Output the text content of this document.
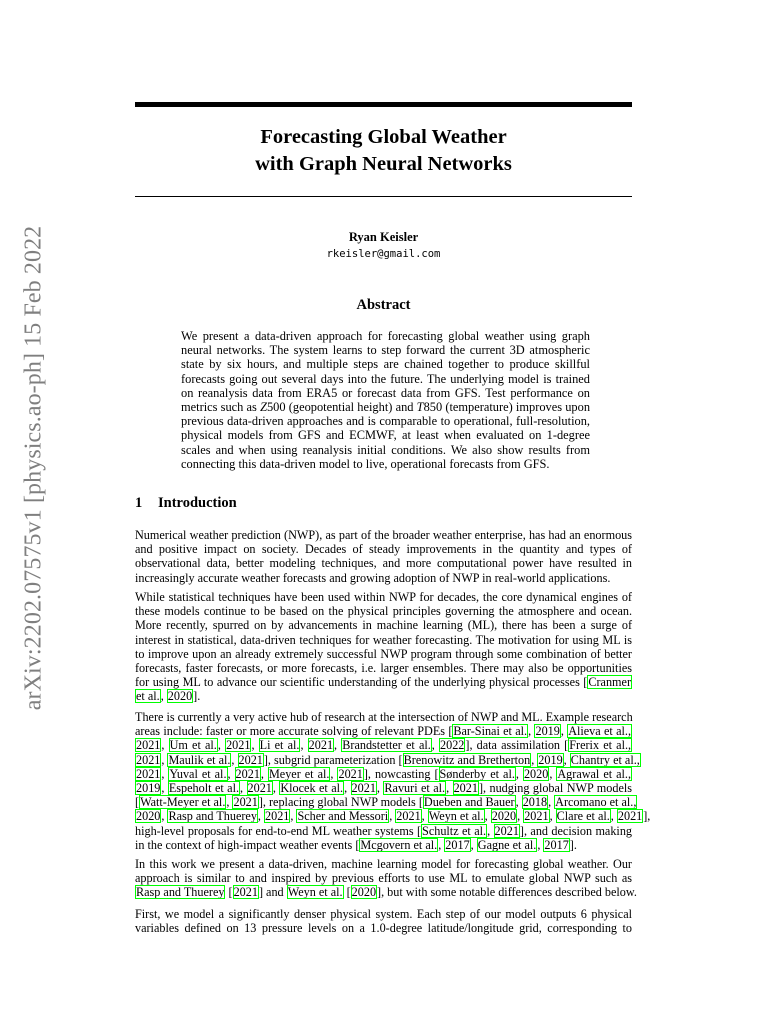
arXiv:2202.07575v1 [physics.ao-ph] 15 Feb 2022
Forecasting Global Weather
with Graph Neural Networks
Ryan Keisler
rkeisler@gmail.com
Abstract
We present a data-driven approach for forecasting global weather using graph
neural networks. The system learns to step forward the current 3D atmospheric
state by six hours, and multiple steps are chained together to produce skillful
forecasts going out several days into the future. The underlying model is trained
on reanalysis data from ERA5 or forecast data from GFS. Test performance on
metrics such as Z500 (geopotential height) and T850 (temperature) improves upon
previous data-driven approaches and is comparable to operational, full-resolution,
physical models from GFS and ECMWF, at least when evaluated on 1-degree
scales and when using reanalysis initial conditions. We also show results from
connecting this data-driven model to live, operational forecasts from GFS.
1 Introduction
Numerical weather prediction (NWP), as part of the broader weather enterprise, has had an enormous
and positive impact on society. Decades of steady improvements in the quantity and types of
observational data, better modeling techniques, and more computational power have resulted in
increasingly accurate weather forecasts and growing adoption of NWP in real-world applications.
While statistical techniques have been used within NWP for decades, the core dynamical engines of
these models continue to be based on the physical principles governing the atmosphere and ocean.
More recently, spurred on by advancements in machine learning (ML), there has been a surge of
interest in statistical, data-driven techniques for weather forecasting. The motivation for using ML is
to improve upon an already extremely successful NWP program through some combination of better
forecasts, faster forecasts, or more forecasts, i.e. larger ensembles. There may also be opportunities
for using ML to advance our scientific understanding of the underlying physical processes [Cranmer
et al., 2020].
There is currently a very active hub of research at the intersection of NWP and ML. Example research
areas include: faster or more accurate solving of relevant PDEs [Bar-Sinai et al., 2019, Alieva et al.,
2021, Um et al., 2021, Li et al., 2021, Brandstetter et al., 2022], data assimilation [Frerix et al.,
2021, Maulik et al., 2021], subgrid parameterization [Brenowitz and Bretherton, 2019, Chantry et al.,
2021, Yuval et al., 2021, Meyer et al., 2021], nowcasting [Sønderby et al., 2020, Agrawal et al.,
2019, Espeholt et al., 2021, Klocek et al., 2021, Ravuri et al., 2021], nudging global NWP models
[Watt-Meyer et al., 2021], replacing global NWP models [Dueben and Bauer, 2018, Arcomano et al.,
2020, Rasp and Thuerey, 2021, Scher and Messori, 2021, Weyn et al., 2020, 2021, Clare et al., 2021],
high-level proposals for end-to-end ML weather systems [Schultz et al., 2021], and decision making
in the context of high-impact weather events [Mcgovern et al., 2017, Gagne et al., 2017].
In this work we present a data-driven, machine learning model for forecasting global weather. Our
approach is similar to and inspired by previous efforts to use ML to emulate global NWP such as
Rasp and Thuerey [2021] and Weyn et al. [2020], but with some notable differences described below.
First, we model a significantly denser physical system. Each step of our model outputs 6 physical
variables defined on 13 pressure levels on a 1.0-degree latitude/longitude grid, corresponding to
